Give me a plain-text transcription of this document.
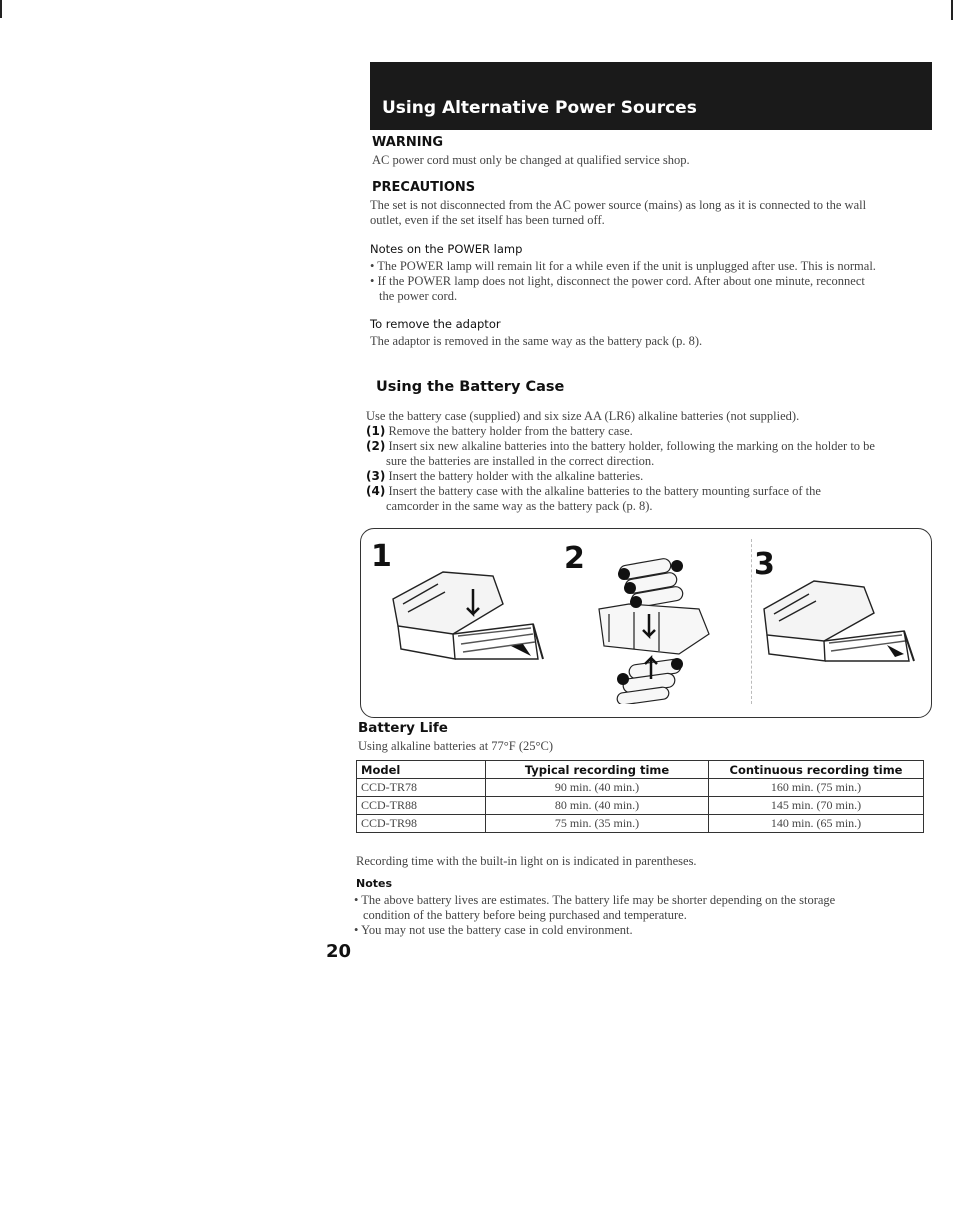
Using Alternative Power Sources
WARNING
AC power cord must only be changed at qualified service shop.
PRECAUTIONS
The set is not disconnected from the AC power source (mains) as long as it is connected to the wall
outlet, even if the set itself has been turned off.
Notes on the POWER lamp
• The POWER lamp will remain lit for a while even if the unit is unplugged after use. This is normal.
• If the POWER lamp does not light, disconnect the power cord. After about one minute, reconnect
the power cord.
To remove the adaptor
The adaptor is removed in the same way as the battery pack (p. 8).
Using the Battery Case
Use the battery case (supplied) and six size AA (LR6) alkaline batteries (not supplied).
(1) Remove the battery holder from the battery case.
(2) Insert six new alkaline batteries into the battery holder, following the marking on the holder to be
sure the batteries are installed in the correct direction.
(3) Insert the battery holder with the alkaline batteries.
(4) Insert the battery case with the alkaline batteries to the battery mounting surface of the
camcorder in the same way as the battery pack (p. 8).
1	2	3
Battery Life
Using alkaline batteries at 77°F (25°C)
Model	Typical recording time	Continuous recording time
CCD-TR78	90 min. (40 min.)	160 min. (75 min.)
CCD-TR88	80 min. (40 min.)	145 min. (70 min.)
CCD-TR98	75 min. (35 min.)	140 min. (65 min.)
Recording time with the built-in light on is indicated in parentheses.
Notes
• The above battery lives are estimates. The battery life may be shorter depending on the storage
condition of the battery before being purchased and temperature.
• You may not use the battery case in cold environment.
20
